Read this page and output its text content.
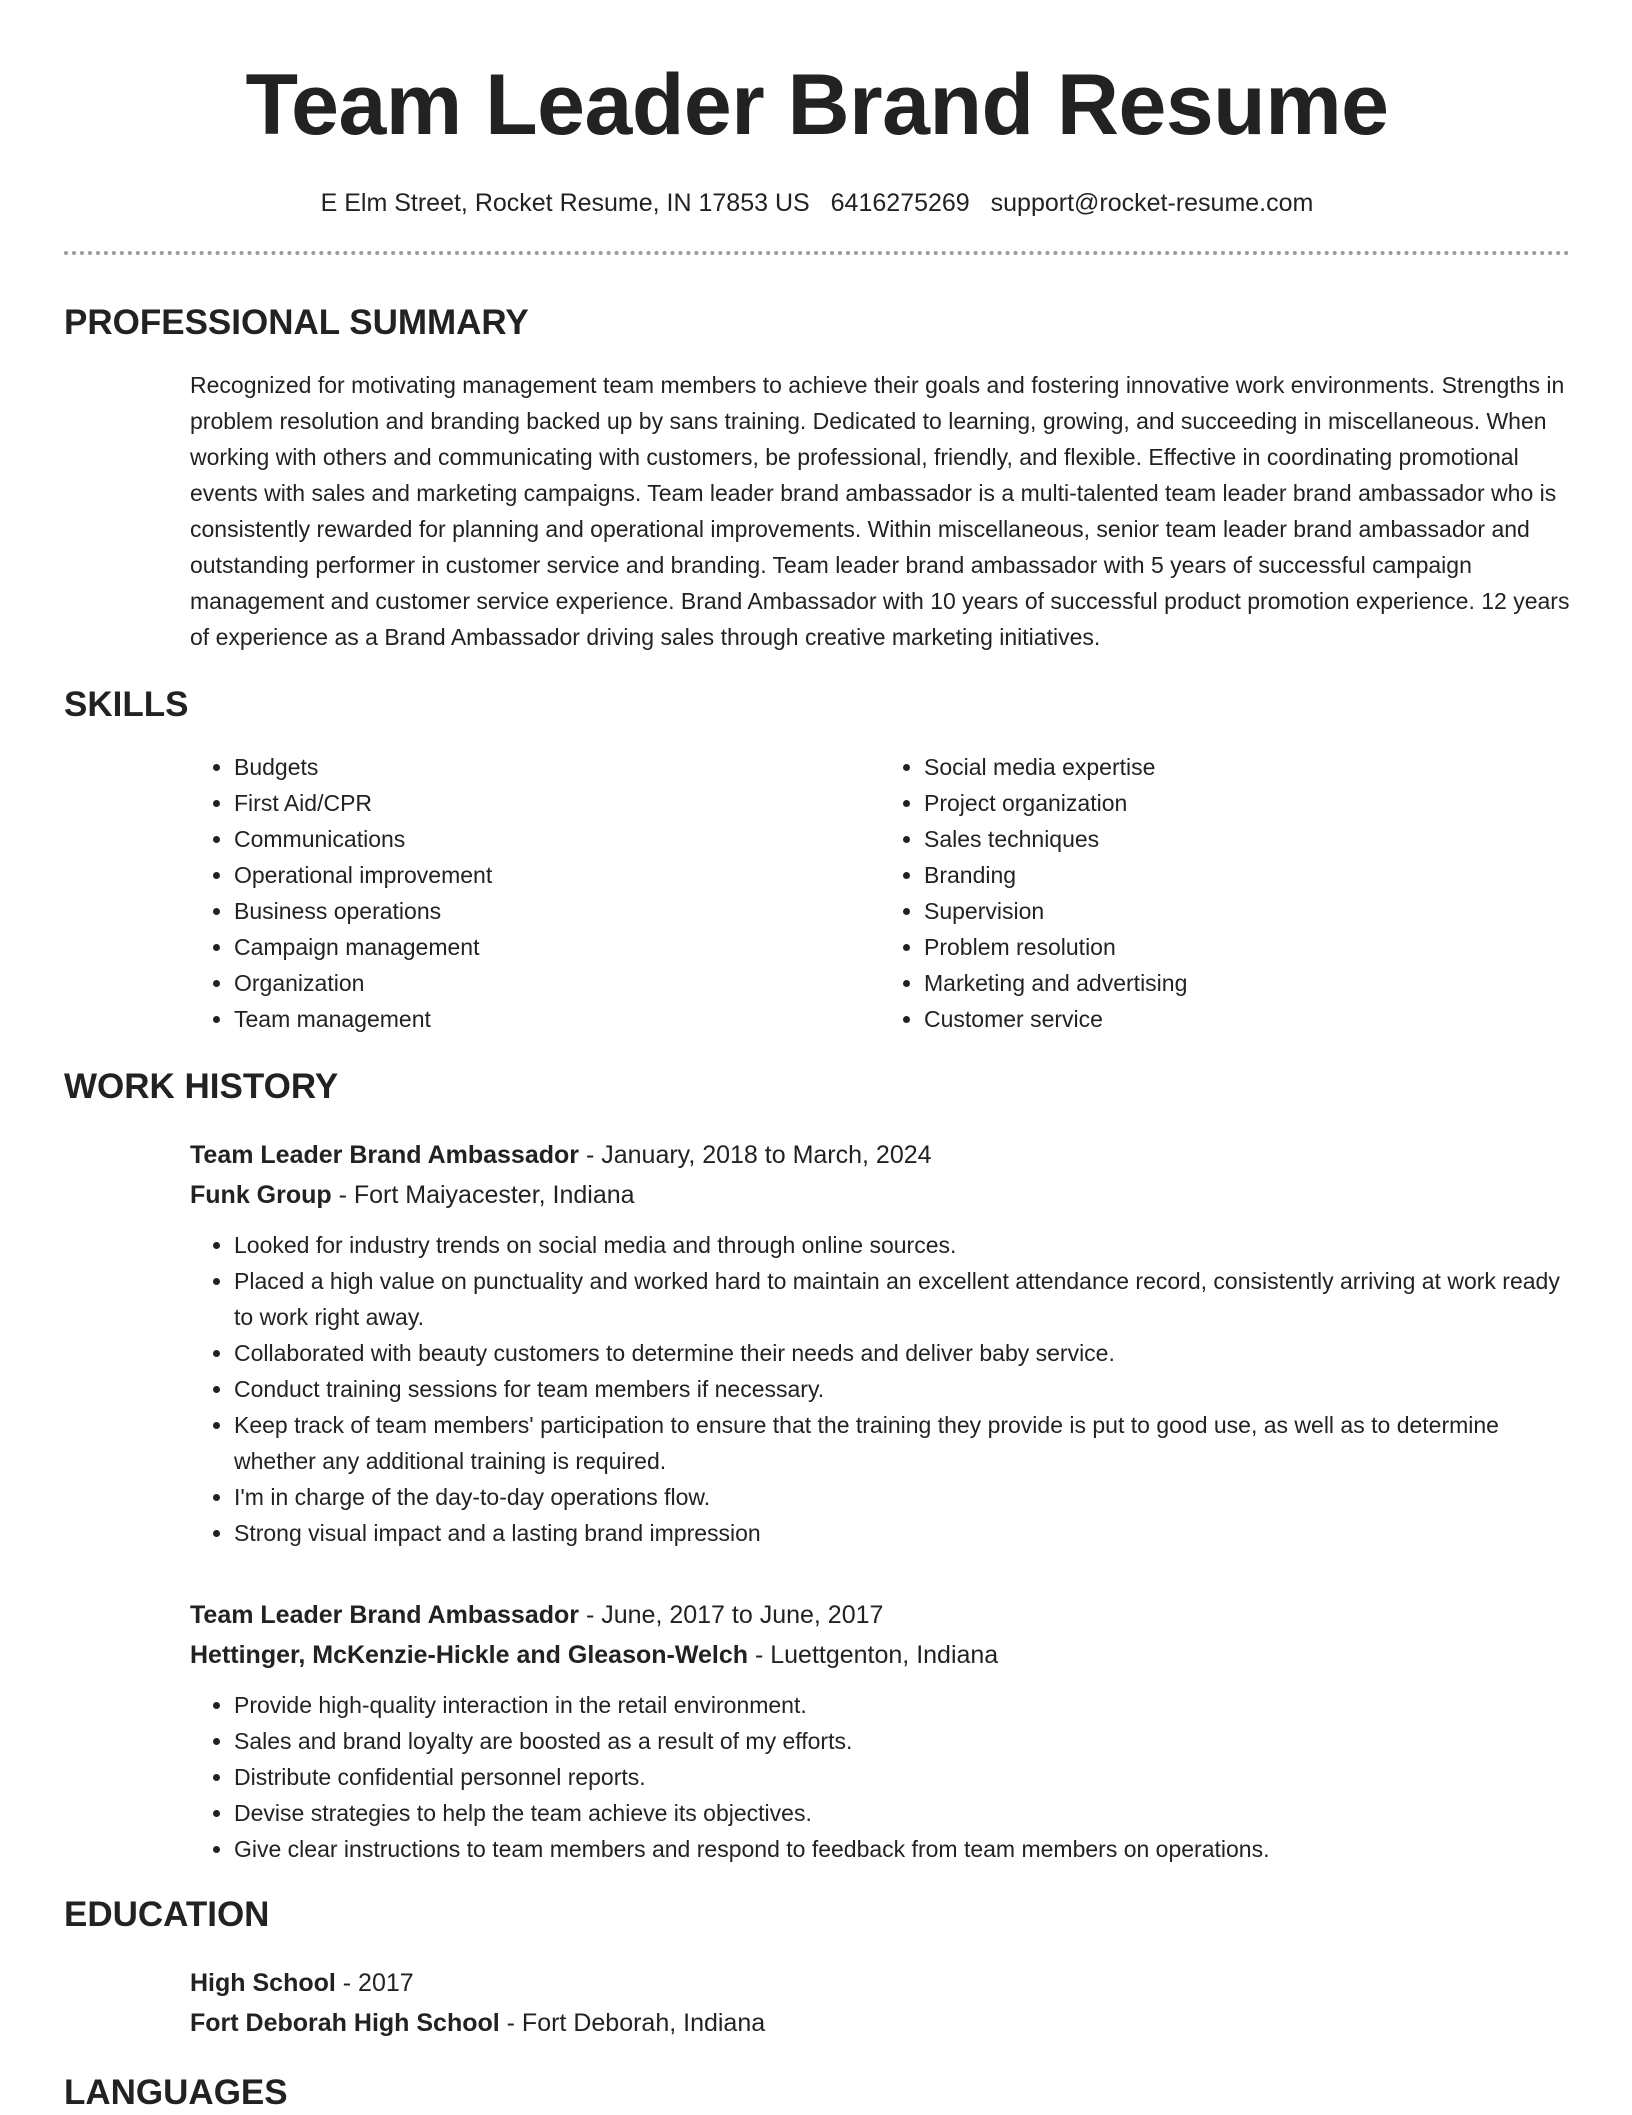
Team Leader Brand Resume
E Elm Street, Rocket Resume, IN 17853 US 6416275269 support@rocket-resume.com
PROFESSIONAL SUMMARY
Recognized for motivating management team members to achieve their goals and fostering innovative work environments. Strengths in problem resolution and branding backed up by sans training. Dedicated to learning, growing, and succeeding in miscellaneous. When working with others and communicating with customers, be professional, friendly, and flexible. Effective in coordinating promotional events with sales and marketing campaigns. Team leader brand ambassador is a multi-talented team leader brand ambassador who is consistently rewarded for planning and operational improvements. Within miscellaneous, senior team leader brand ambassador and outstanding performer in customer service and branding. Team leader brand ambassador with 5 years of successful campaign management and customer service experience. Brand Ambassador with 10 years of successful product promotion experience. 12 years of experience as a Brand Ambassador driving sales through creative marketing initiatives.
SKILLS
• Budgets
• First Aid/CPR
• Communications
• Operational improvement
• Business operations
• Campaign management
• Organization
• Team management
• Social media expertise
• Project organization
• Sales techniques
• Branding
• Supervision
• Problem resolution
• Marketing and advertising
• Customer service
WORK HISTORY
Team Leader Brand Ambassador - January, 2018 to March, 2024
Funk Group - Fort Maiyacester, Indiana
• Looked for industry trends on social media and through online sources.
• Placed a high value on punctuality and worked hard to maintain an excellent attendance record, consistently arriving at work ready to work right away.
• Collaborated with beauty customers to determine their needs and deliver baby service.
• Conduct training sessions for team members if necessary.
• Keep track of team members' participation to ensure that the training they provide is put to good use, as well as to determine whether any additional training is required.
• I'm in charge of the day-to-day operations flow.
• Strong visual impact and a lasting brand impression
Team Leader Brand Ambassador - June, 2017 to June, 2017
Hettinger, McKenzie-Hickle and Gleason-Welch - Luettgenton, Indiana
• Provide high-quality interaction in the retail environment.
• Sales and brand loyalty are boosted as a result of my efforts.
• Distribute confidential personnel reports.
• Devise strategies to help the team achieve its objectives.
• Give clear instructions to team members and respond to feedback from team members on operations.
EDUCATION
High School - 2017
Fort Deborah High School - Fort Deborah, Indiana
LANGUAGES
